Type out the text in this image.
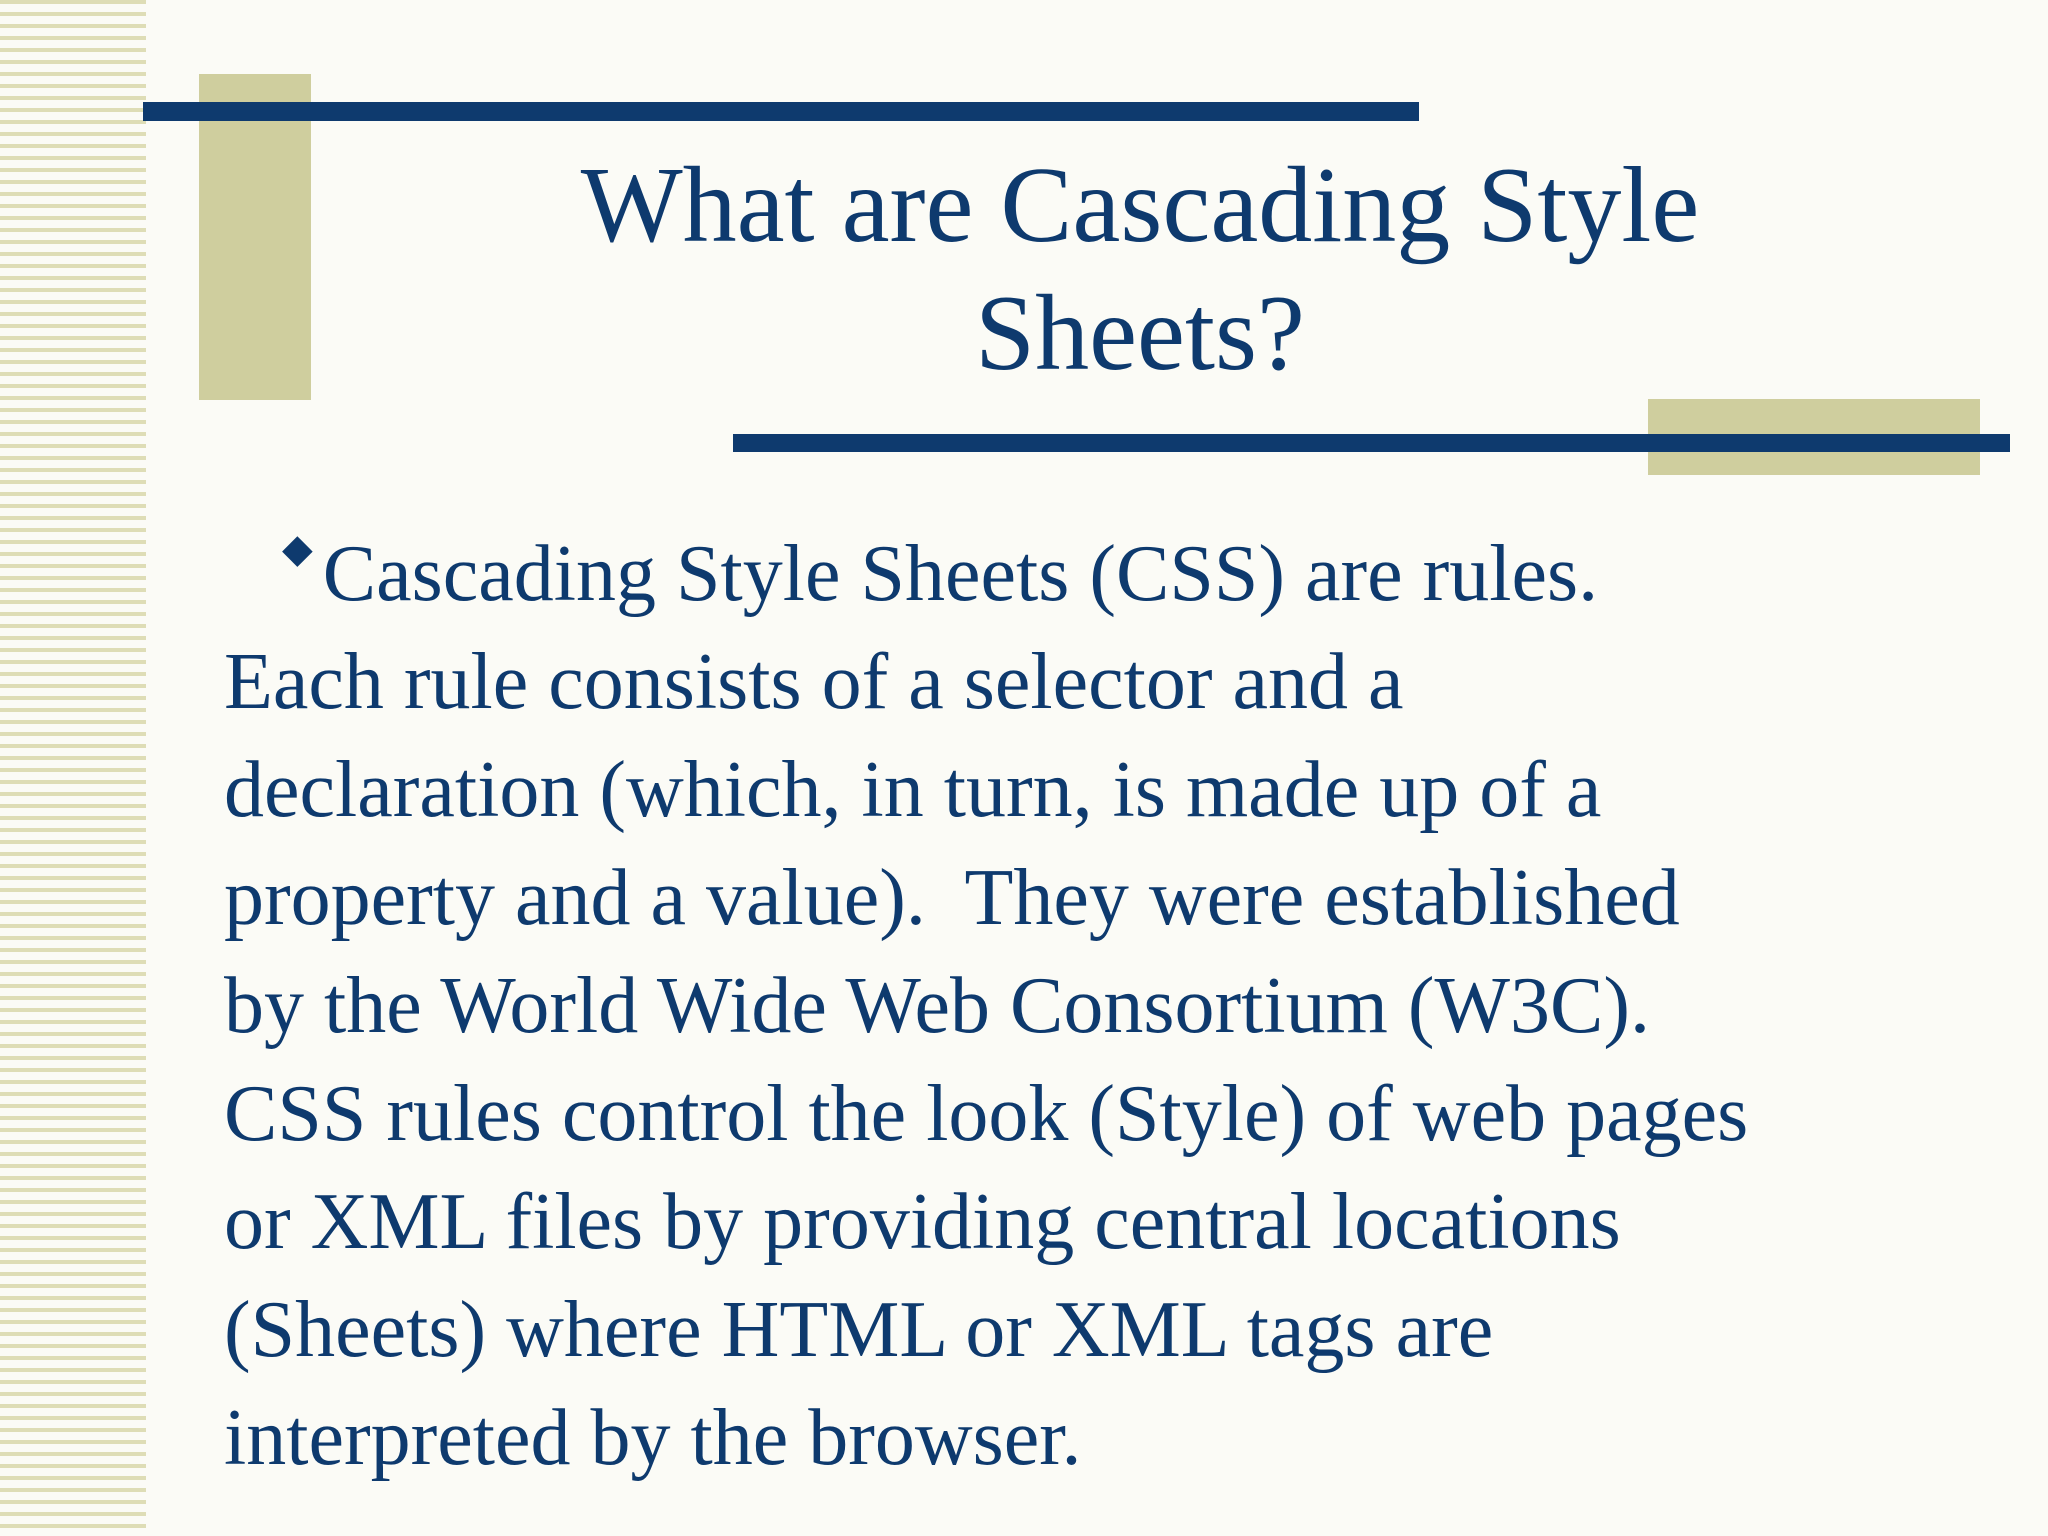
What are Cascading Style Sheets?
◆ Cascading Style Sheets (CSS) are rules.
Each rule consists of a selector and a
declaration (which, in turn, is made up of a
property and a value).  They were established
by the World Wide Web Consortium (W3C).
CSS rules control the look (Style) of web pages
or XML files by providing central locations
(Sheets) where HTML or XML tags are
interpreted by the browser.
